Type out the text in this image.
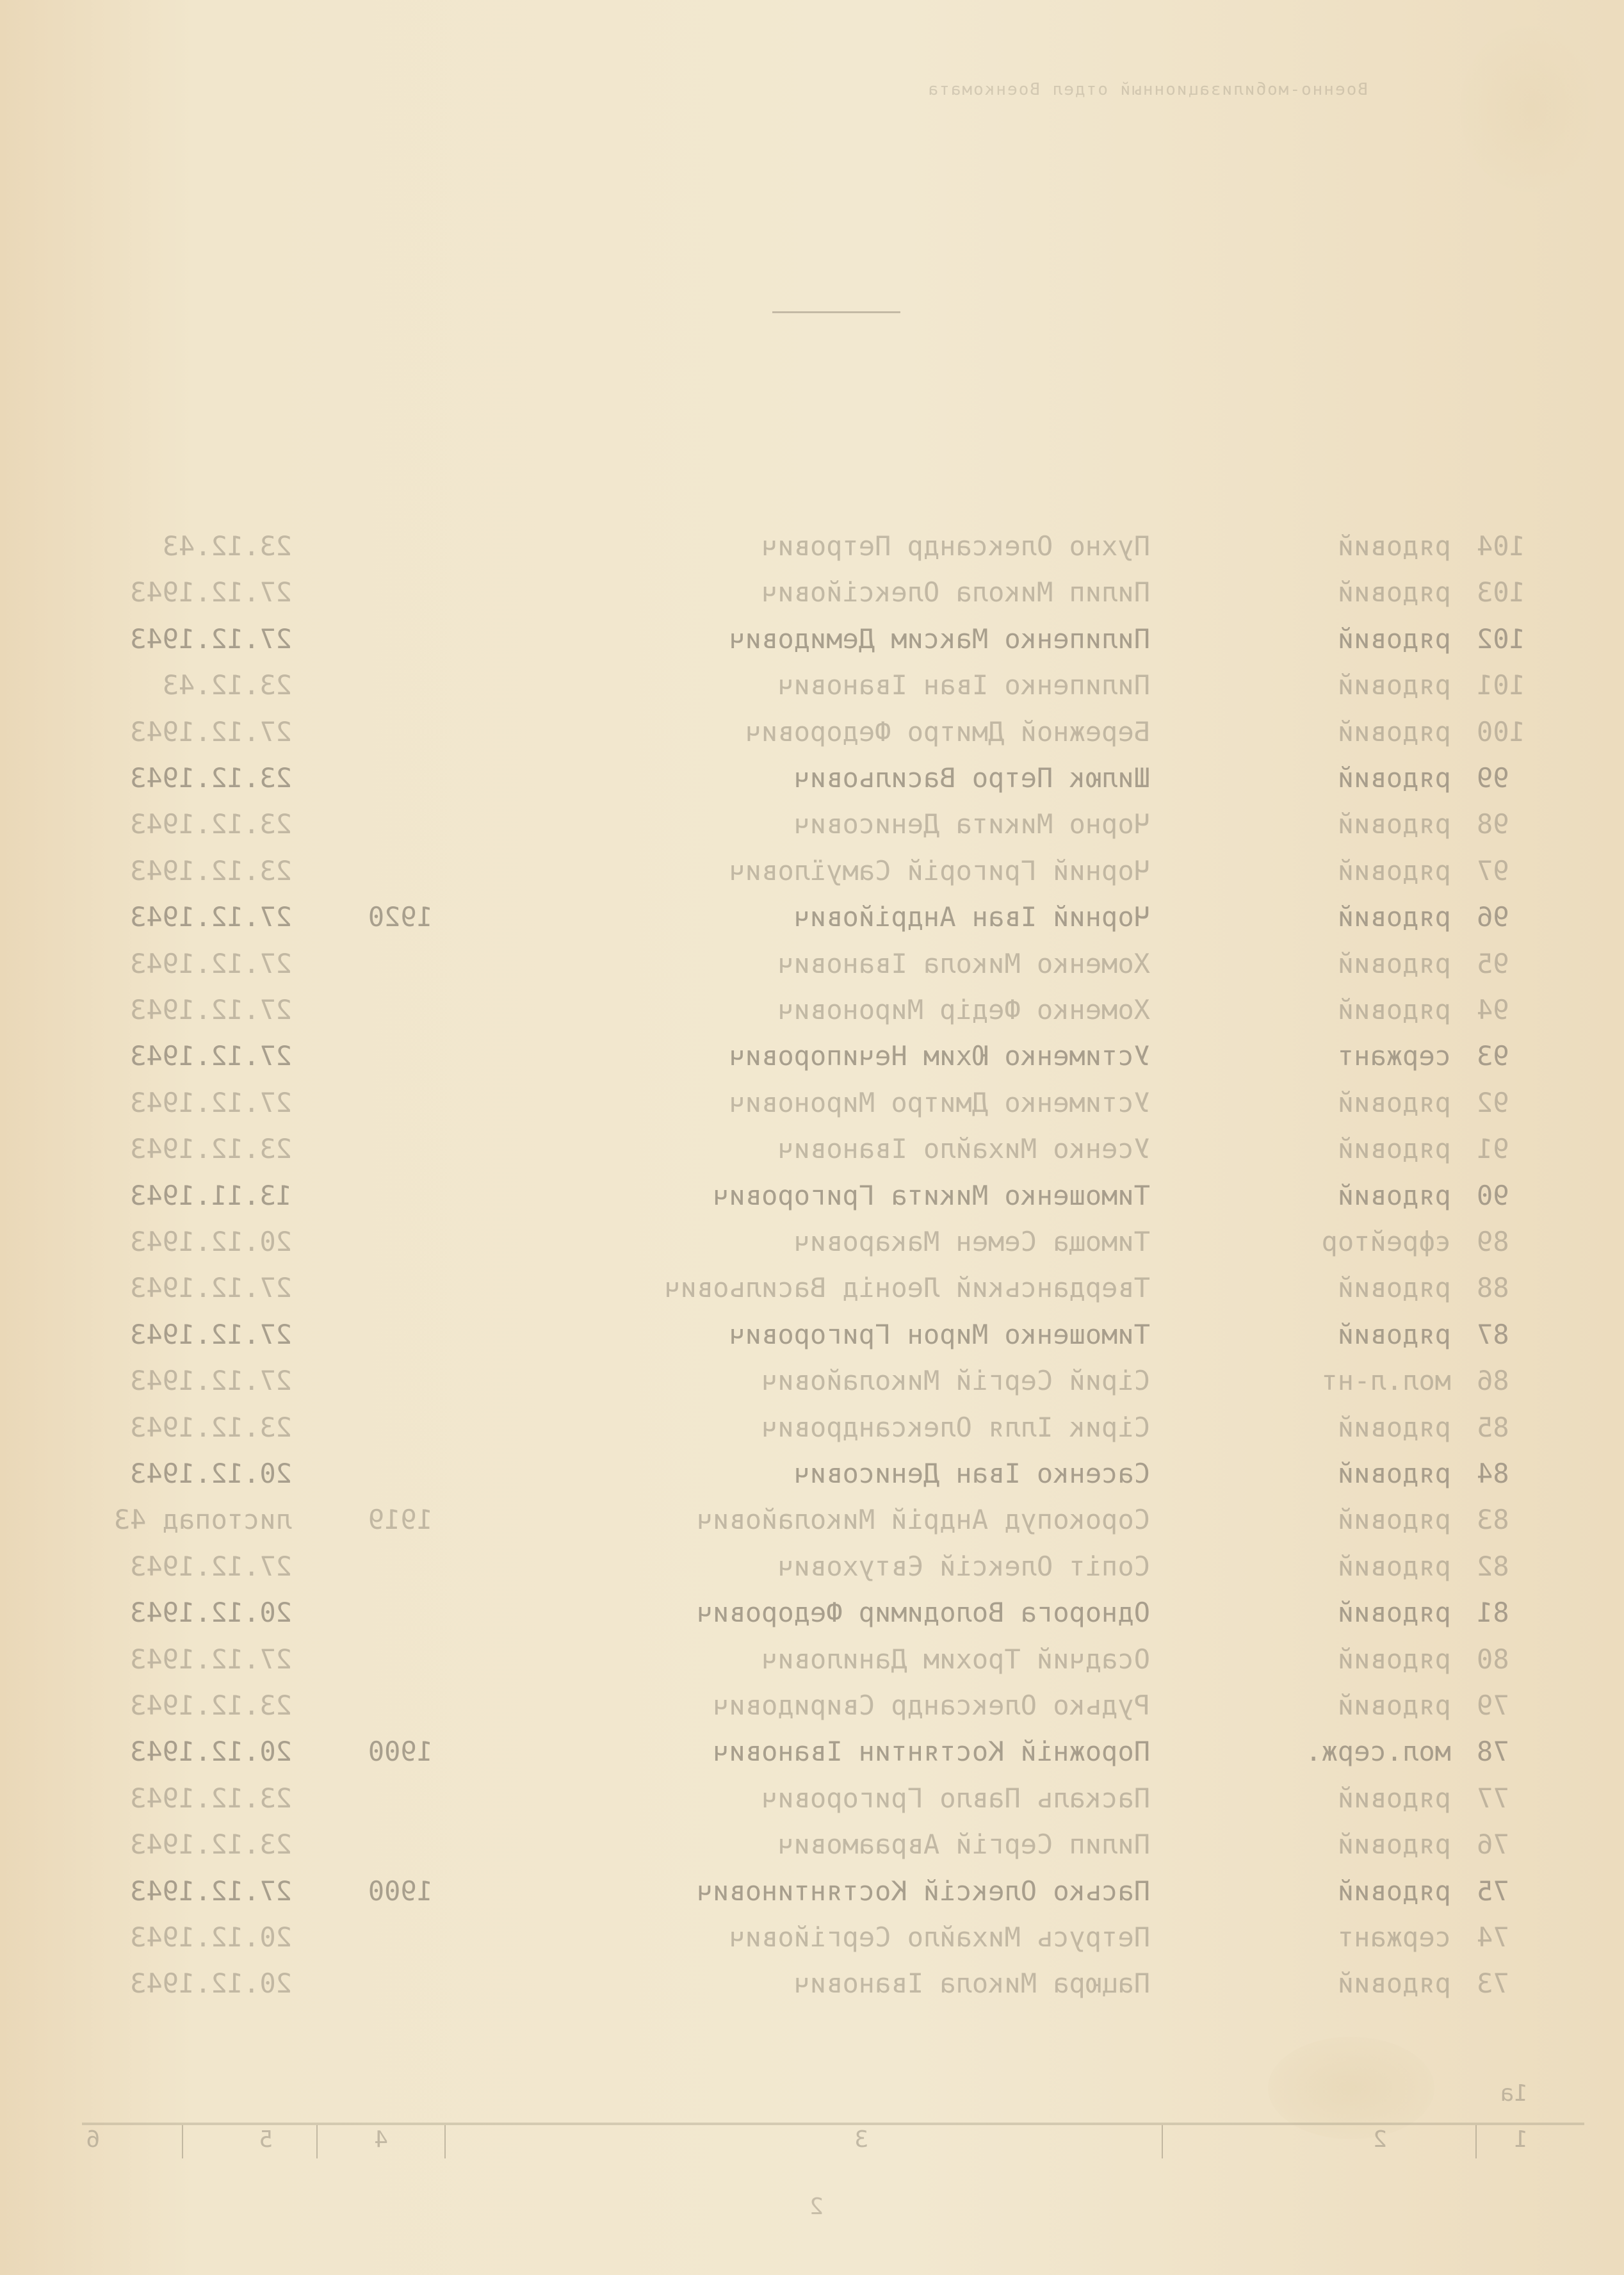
Военно-мобилизационный отдел Военкомата
104
рядовий
Пухно Олександр Петрович
23.12.43
103
рядовий
Пилип Микола Олексійович
27.12.1943
102
рядовий
Пилипенко Максим Демидович
27.12.1943
101
рядовий
Пилипенко Іван Іванович
23.12.43
100
рядовий
Бережной Дмитро Федорович
27.12.1943
99
рядовий
Шилюк Петро Васильович
23.12.1943
98
рядовий
Чорно Микита Денисович
23.12.1943
97
рядовий
Чорний Григорій Самуїлович
23.12.1943
96
рядовий
Чорний Іван Андрійович
1920
27.12.1943
95
рядовий
Хоменко Микола Іванович
27.12.1943
94
рядовий
Хоменко Федір Миронович
27.12.1943
93
сержант
Устименко Юхим Нечипорович
27.12.1943
92
рядовий
Устименко Дмитро Миронович
27.12.1943
91
рядовий
Усенко Михайло Іванович
23.12.1943
90
рядовий
Тимошенко Микита Григорович
13.11.1943
89
єфрейтор
Тимоща Семен Макарович
20.12.1943
88
рядовий
Тверданський Леонід Васильович
27.12.1943
87
рядовий
Тимошенко Мирон Григорович
27.12.1943
86
мол.л-нт
Сірий Сергій Миколайович
27.12.1943
85
рядовий
Сірик Ілля Олександрович
23.12.1943
84
рядовий
Сасенко Іван Денисович
20.12.1943
83
рядовий
Сорокопуд Андрій Миколайович
1919
листопад 43
82
рядовий
Сопіт Олексій Євтухович
27.12.1943
81
рядовий
Однорога Володимир Федорович
20.12.1943
80
рядовий
Осадчий Трохим Данилович
27.12.1943
79
рядовий
Рудько Олександр Свиридович
23.12.1943
78
мол.серж.
Порожній Костянтин Іванович
1900
20.12.1943
77
рядовий
Паскаль Павло Григорович
23.12.1943
76
рядовий
Пилип Сергій Авраамович
23.12.1943
75
рядовий
Пасько Олексій Костянтинович
1900
27.12.1943
74
сержант
Петрусь Михайло Сергійович
20.12.1943
73
рядовий
Пацюра Микола Іванович
20.12.1943
1а
1
2
3
4
5
6
2
